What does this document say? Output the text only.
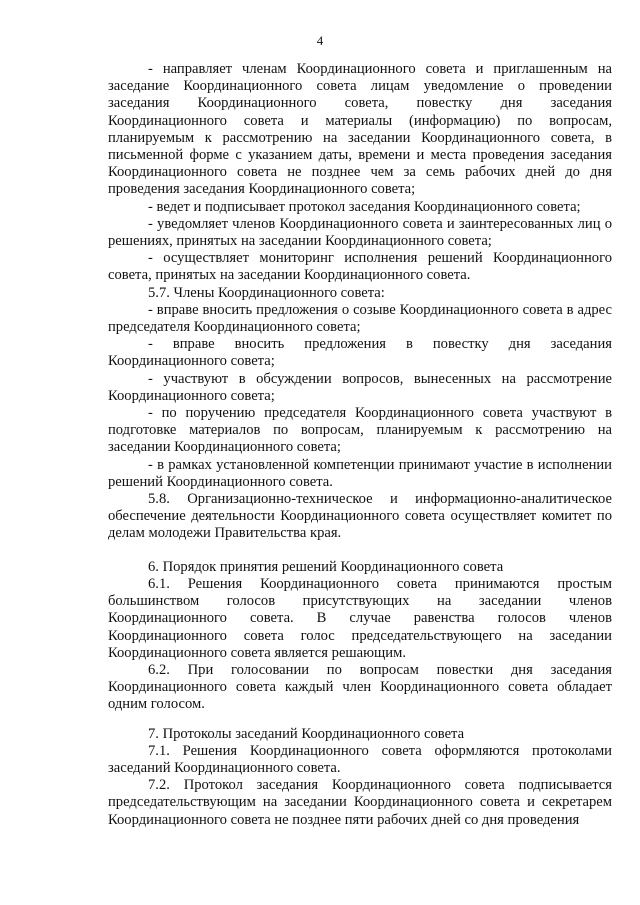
4

- направляет членам Координационного совета и приглашенным на заседание Координационного совета лицам уведомление о проведении заседания Координационного совета, повестку дня заседания Координационного совета и материалы (информацию) по вопросам, планируемым к рассмотрению на заседании Координационного совета, в письменной форме с указанием даты, времени и места проведения заседания Координационного совета не позднее чем за семь рабочих дней до дня проведения заседания Координационного совета;

- ведет и подписывает протокол заседания Координационного совета;

- уведомляет членов Координационного совета и заинтересованных лиц о решениях, принятых на заседании Координационного совета;

- осуществляет мониторинг исполнения решений Координационного совета, принятых на заседании Координационного совета.

5.7. Члены Координационного совета:

- вправе вносить предложения о созыве Координационного совета в адрес председателя Координационного совета;

- вправе вносить предложения в повестку дня заседания Координационного совета;

- участвуют в обсуждении вопросов, вынесенных на рассмотрение Координационного совета;

- по поручению председателя Координационного совета участвуют в подготовке материалов по вопросам, планируемым к рассмотрению на заседании Координационного совета;

- в рамках установленной компетенции принимают участие в исполнении решений Координационного совета.

5.8. Организационно-техническое и информационно-аналитическое обеспечение деятельности Координационного совета осуществляет комитет по делам молодежи Правительства края.

6. Порядок принятия решений Координационного совета

6.1. Решения Координационного совета принимаются простым большинством голосов присутствующих на заседании членов Координационного совета. В случае равенства голосов членов Координационного совета голос председательствующего на заседании Координационного совета является решающим.

6.2. При голосовании по вопросам повестки дня заседания Координационного совета каждый член Координационного совета обладает одним голосом.

7. Протоколы заседаний Координационного совета

7.1. Решения Координационного совета оформляются протоколами заседаний Координационного совета.

7.2. Протокол заседания Координационного совета подписывается председательствующим на заседании Координационного совета и секретарем Координационного совета не позднее пяти рабочих дней со дня проведения
